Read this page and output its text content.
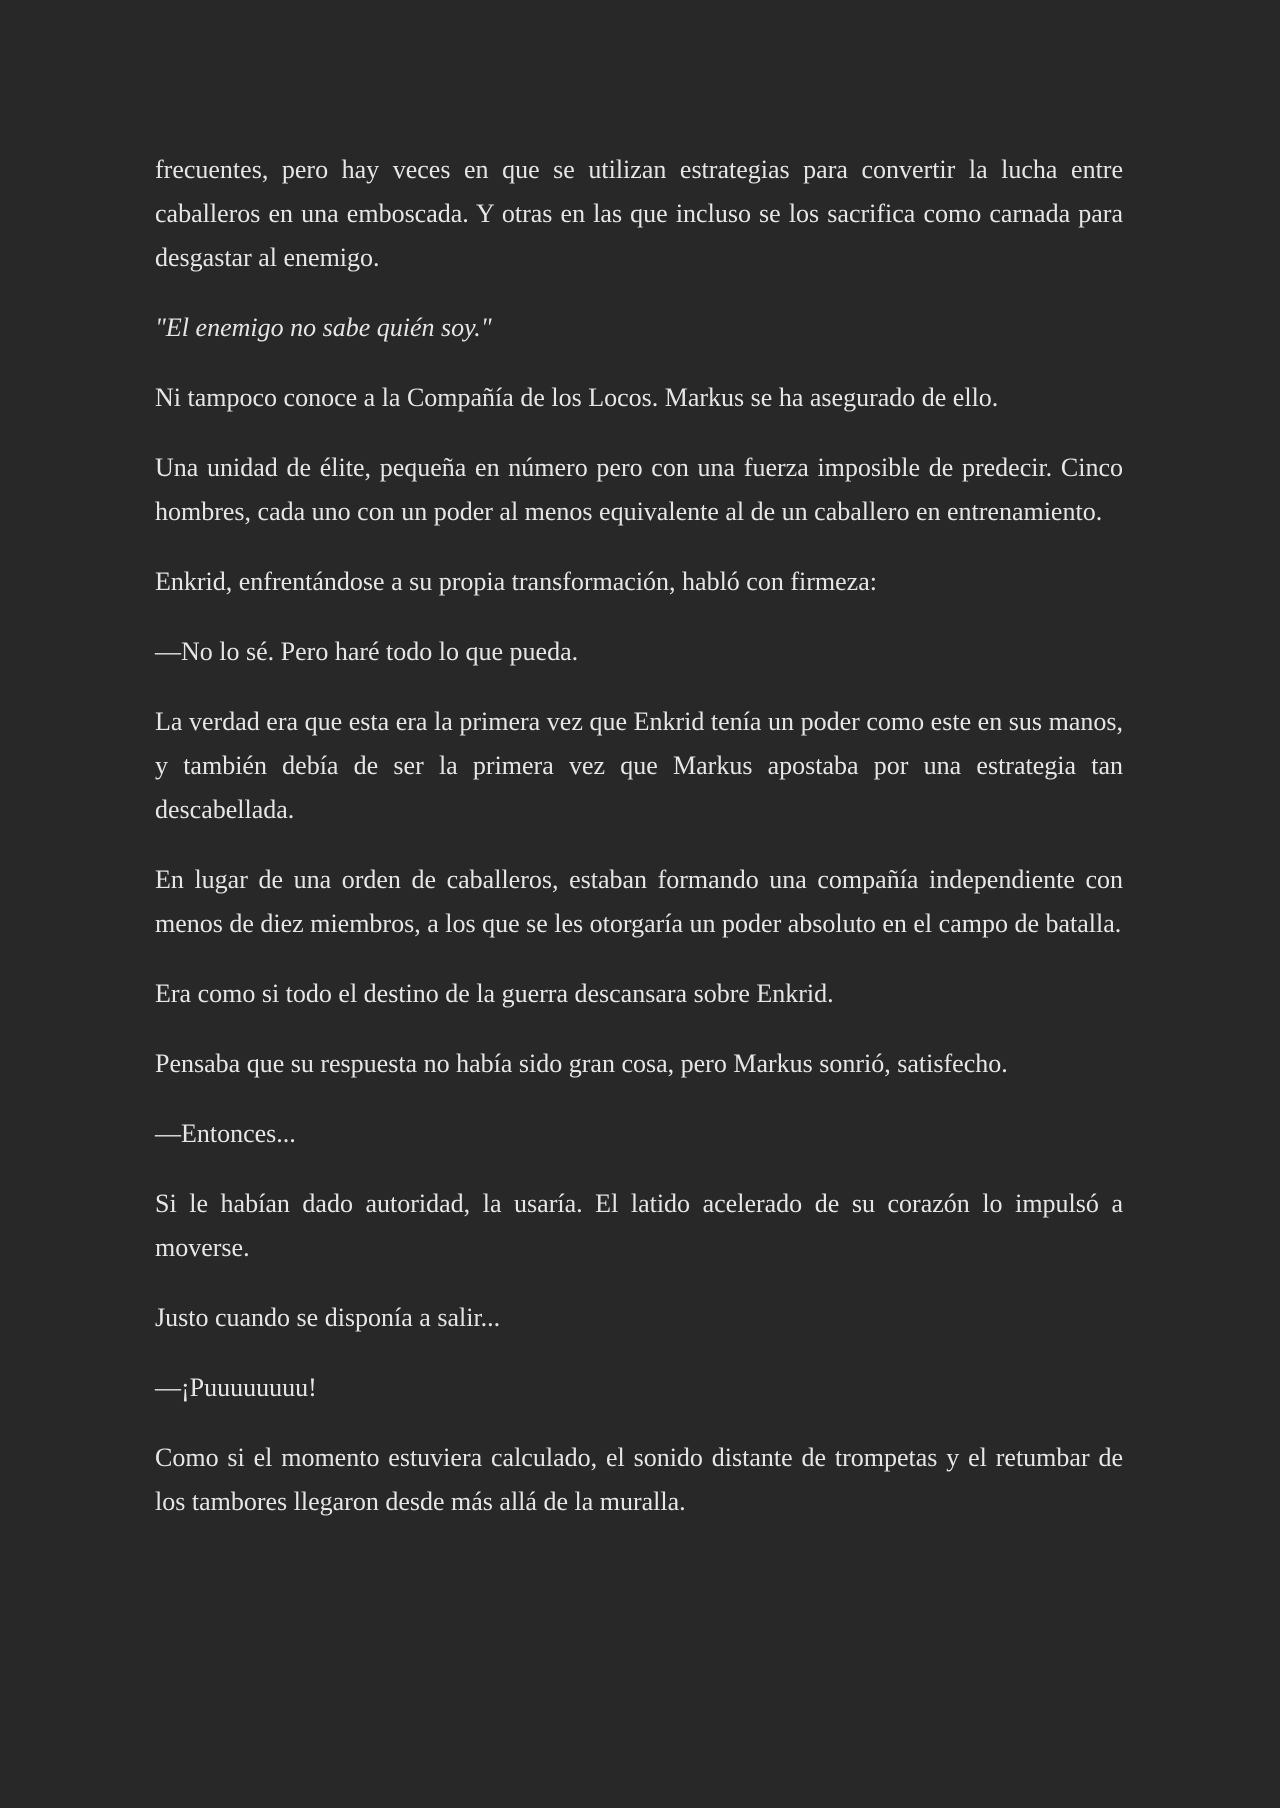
frecuentes, pero hay veces en que se utilizan estrategias para convertir la lucha entre caballeros en una emboscada. Y otras en las que incluso se los sacrifica como carnada para desgastar al enemigo.

"El enemigo no sabe quién soy."

Ni tampoco conoce a la Compañía de los Locos. Markus se ha asegurado de ello.

Una unidad de élite, pequeña en número pero con una fuerza imposible de predecir. Cinco hombres, cada uno con un poder al menos equivalente al de un caballero en entrenamiento.

Enkrid, enfrentándose a su propia transformación, habló con firmeza:

—No lo sé. Pero haré todo lo que pueda.

La verdad era que esta era la primera vez que Enkrid tenía un poder como este en sus manos, y también debía de ser la primera vez que Markus apostaba por una estrategia tan descabellada.

En lugar de una orden de caballeros, estaban formando una compañía independiente con menos de diez miembros, a los que se les otorgaría un poder absoluto en el campo de batalla.

Era como si todo el destino de la guerra descansara sobre Enkrid.

Pensaba que su respuesta no había sido gran cosa, pero Markus sonrió, satisfecho.

—Entonces...

Si le habían dado autoridad, la usaría. El latido acelerado de su corazón lo impulsó a moverse.

Justo cuando se disponía a salir...

—¡Puuuuuuuu!

Como si el momento estuviera calculado, el sonido distante de trompetas y el retumbar de los tambores llegaron desde más allá de la muralla.
